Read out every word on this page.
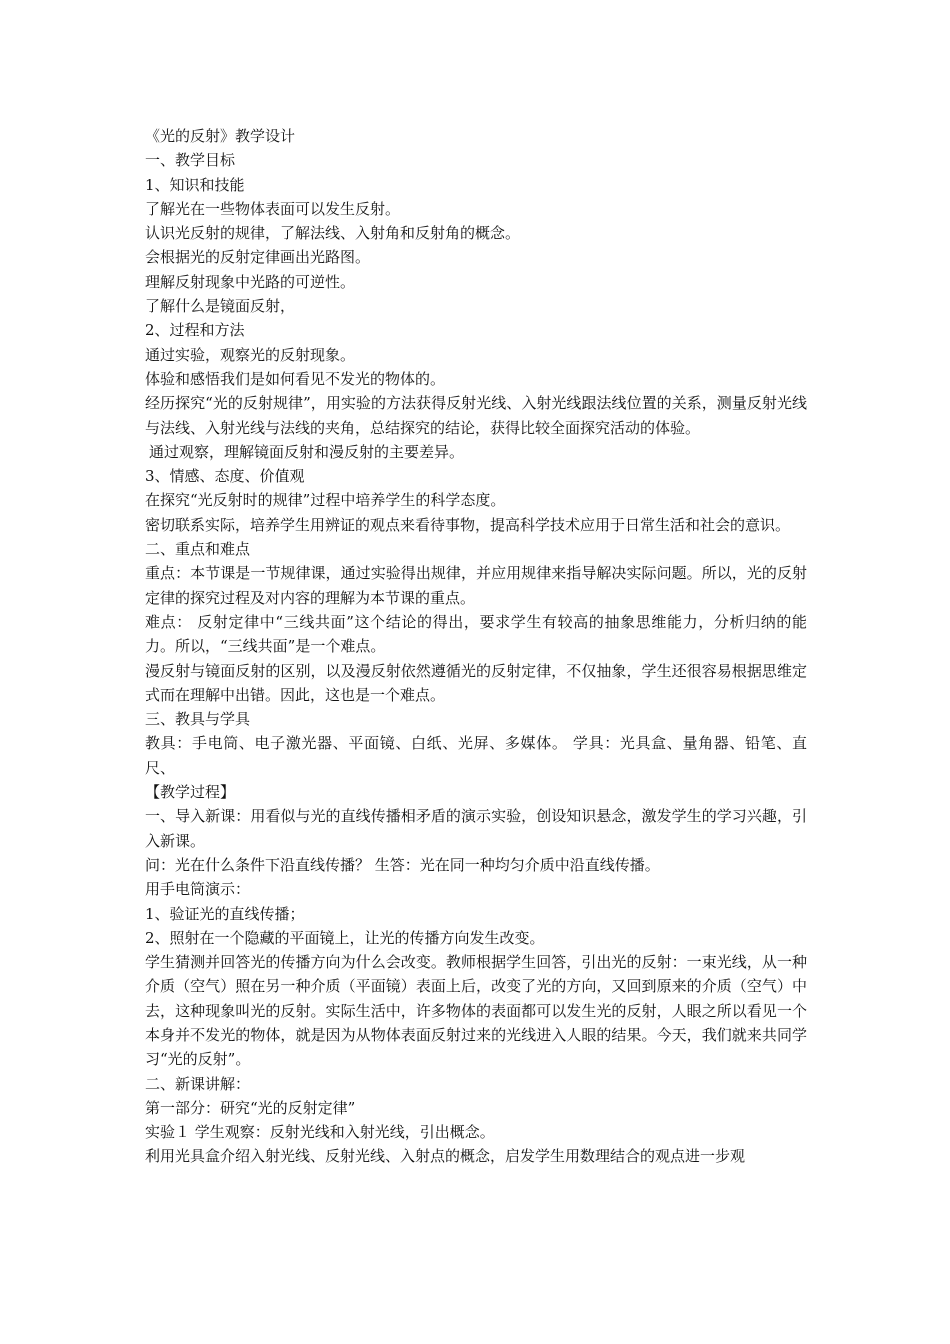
《光的反射》教学设计

一、教学目标

1、知识和技能

了解光在一些物体表面可以发生反射。

认识光反射的规律，了解法线、入射角和反射角的概念。

会根据光的反射定律画出光路图。

理解反射现象中光路的可逆性。

了解什么是镜面反射，

2、过程和方法

通过实验，观察光的反射现象。

体验和感悟我们是如何看见不发光的物体的。

经历探究“光的反射规律”，用实验的方法获得反射光线、入射光线跟法线位置的关系，测量反射光线与法线、入射光线与法线的夹角，总结探究的结论，获得比较全面探究活动的体验。

通过观察，理解镜面反射和漫反射的主要差异。

3、情感、态度、价值观

在探究“光反射时的规律”过程中培养学生的科学态度。

密切联系实际，培养学生用辨证的观点来看待事物，提高科学技术应用于日常生活和社会的意识。

二、重点和难点

重点：本节课是一节规律课，通过实验得出规律，并应用规律来指导解决实际问题。所以，光的反射定律的探究过程及对内容的理解为本节课的重点。

难点： 反射定律中“三线共面”这个结论的得出，要求学生有较高的抽象思维能力，分析归纳的能力。所以，“三线共面”是一个难点。

漫反射与镜面反射的区别，以及漫反射依然遵循光的反射定律，不仅抽象，学生还很容易根据思维定式而在理解中出错。因此，这也是一个难点。

三、教具与学具

教具：手电筒、电子激光器、平面镜、白纸、光屏、多媒体。 学具：光具盒、量角器、铅笔、直尺、

【教学过程】

一、导入新课：用看似与光的直线传播相矛盾的演示实验，创设知识悬念，激发学生的学习兴趣，引入新课。

问：光在什么条件下沿直线传播？ 生答：光在同一种均匀介质中沿直线传播。

用手电筒演示：

1、验证光的直线传播；

2、照射在一个隐藏的平面镜上，让光的传播方向发生改变。

学生猜测并回答光的传播方向为什么会改变。教师根据学生回答，引出光的反射：一束光线，从一种介质（空气）照在另一种介质（平面镜）表面上后，改变了光的方向，又回到原来的介质（空气）中去，这种现象叫光的反射。实际生活中，许多物体的表面都可以发生光的反射，人眼之所以看见一个本身并不发光的物体，就是因为从物体表面反射过来的光线进入人眼的结果。今天，我们就来共同学习“光的反射”。

二、新课讲解：

第一部分：研究“光的反射定律”

实验１ 学生观察：反射光线和入射光线，引出概念。

利用光具盒介绍入射光线、反射光线、入射点的概念，启发学生用数理结合的观点进一步观
